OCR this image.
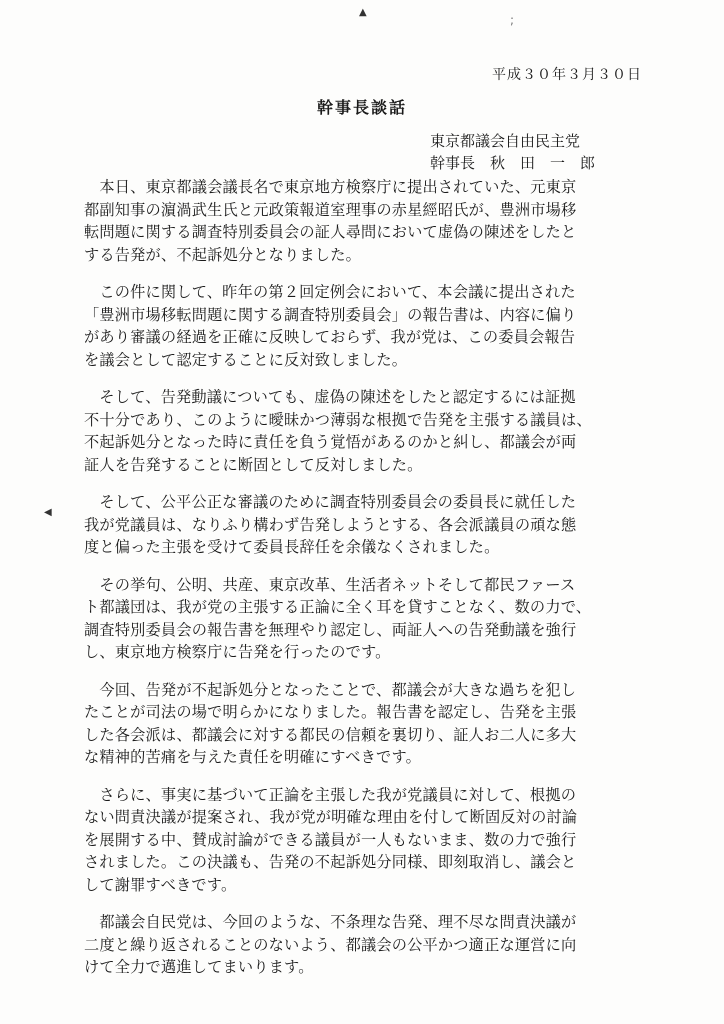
▲
;
◀
平成３０年３月３０日
幹事長談話
東京都議会自由民主党
幹事長　秋　田　一　郎

　本日、東京都議会議長名で東京地方検察庁に提出されていた、元東京
都副知事の濵渦武生氏と元政策報道室理事の赤星經昭氏が、豊洲市場移
転問題に関する調査特別委員会の証人尋問において虚偽の陳述をしたと
する告発が、不起訴処分となりました。

　この件に関して、昨年の第２回定例会において、本会議に提出された
「豊洲市場移転問題に関する調査特別委員会」の報告書は、内容に偏り
があり審議の経過を正確に反映しておらず、我が党は、この委員会報告
を議会として認定することに反対致しました。

　そして、告発動議についても、虚偽の陳述をしたと認定するには証拠
不十分であり、このように曖昧かつ薄弱な根拠で告発を主張する議員は、
不起訴処分となった時に責任を負う覚悟があるのかと糾し、都議会が両
証人を告発することに断固として反対しました。

　そして、公平公正な審議のために調査特別委員会の委員長に就任した
我が党議員は、なりふり構わず告発しようとする、各会派議員の頑な態
度と偏った主張を受けて委員長辞任を余儀なくされました。

　その挙句、公明、共産、東京改革、生活者ネットそして都民ファース
ト都議団は、我が党の主張する正論に全く耳を貸すことなく、数の力で、
調査特別委員会の報告書を無理やり認定し、両証人への告発動議を強行
し、東京地方検察庁に告発を行ったのです。

　今回、告発が不起訴処分となったことで、都議会が大きな過ちを犯し
たことが司法の場で明らかになりました。報告書を認定し、告発を主張
した各会派は、都議会に対する都民の信頼を裏切り、証人お二人に多大
な精神的苦痛を与えた責任を明確にすべきです。

　さらに、事実に基づいて正論を主張した我が党議員に対して、根拠の
ない問責決議が提案され、我が党が明確な理由を付して断固反対の討論
を展開する中、賛成討論ができる議員が一人もないまま、数の力で強行
されました。この決議も、告発の不起訴処分同様、即刻取消し、議会と
して謝罪すべきです。

　都議会自民党は、今回のような、不条理な告発、理不尽な問責決議が
二度と繰り返されることのないよう、都議会の公平かつ適正な運営に向
けて全力で邁進してまいります。
